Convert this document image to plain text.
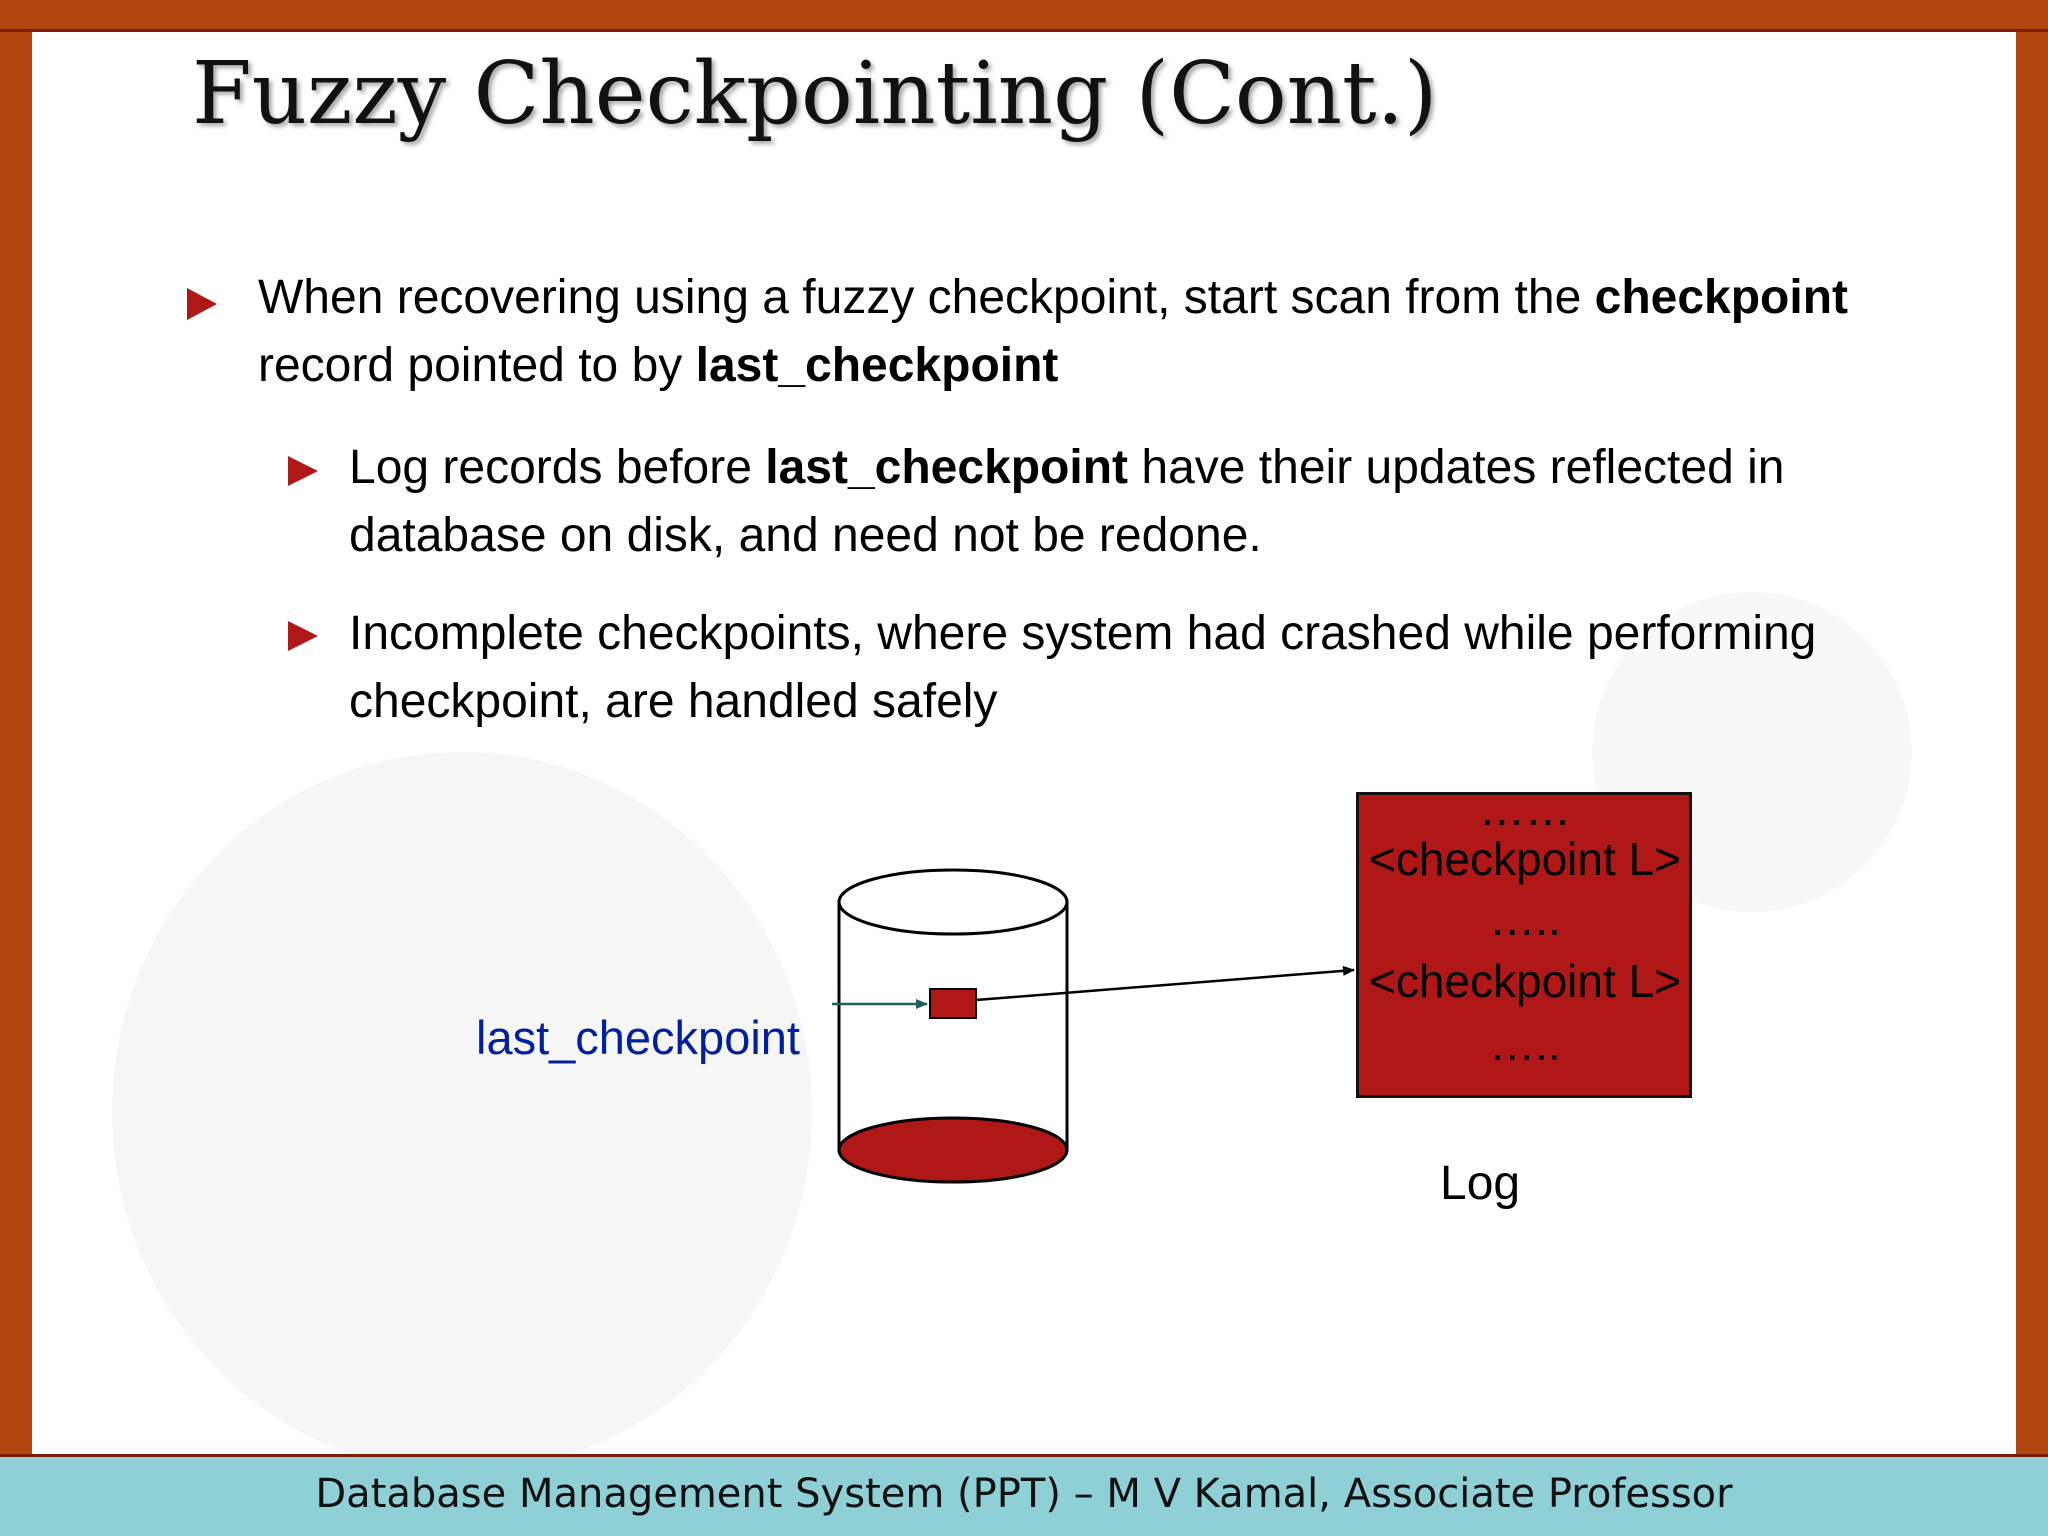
Fuzzy Checkpointing (Cont.)
When recovering using a fuzzy checkpoint, start scan from the checkpoint
record pointed to by last_checkpoint
Log records before last_checkpoint have their updates reflected in
database on disk, and need not be redone.
Incomplete checkpoints, where system had crashed while performing
checkpoint, are handled safely
……
<checkpoint L>
…..
<checkpoint L>
…..
last_checkpoint
Log
Database Management System (PPT) – M V Kamal, Associate Professor
